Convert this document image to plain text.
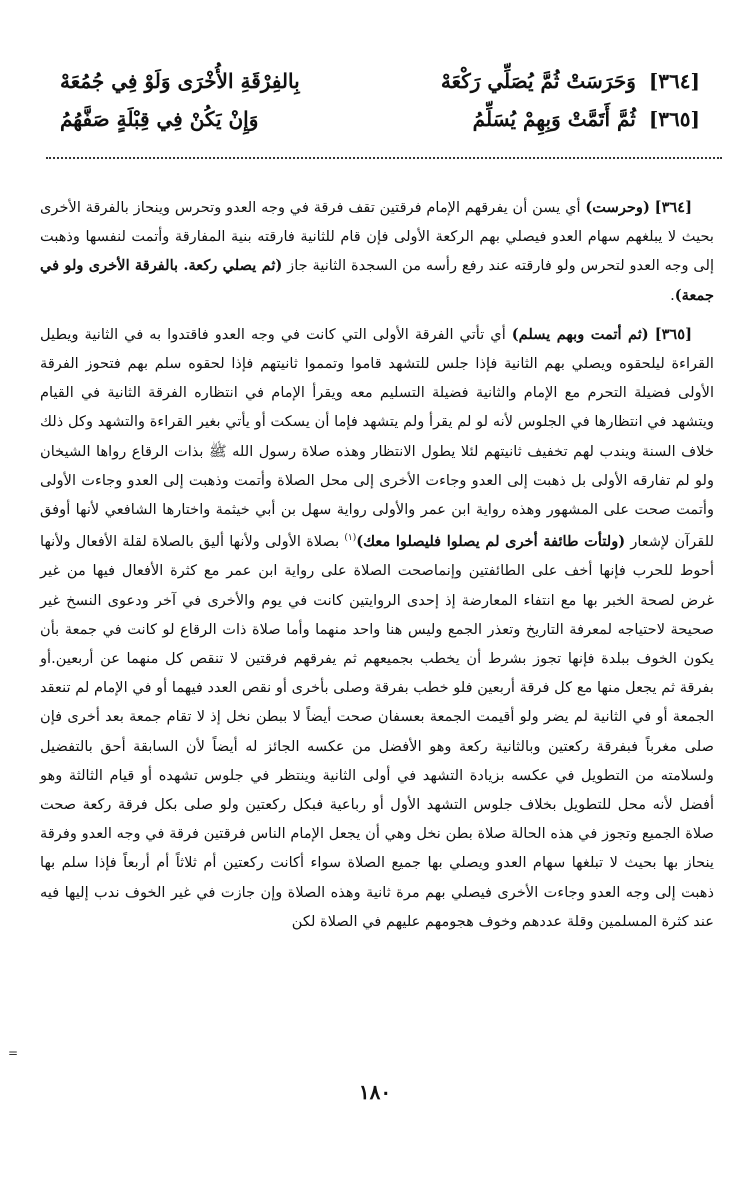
[٣٦٤] وَحَرَسَتْ ثُمَّ يُصَلِّي رَكْعَهْ
بِالفِرْقَةِ الأُخْرَى وَلَوْ فِي جُمُعَهْ
[٣٦٥] ثُمَّ أَتَمَّتْ وَبِهِمْ يُسَلِّمُ
وَإِنْ يَكُنْ فِي قِبْلَةٍ صَفَّهُمُ

[٣٦٤] (وحرست) أي يسن أن يفرقهم الإمام فرقتين تقف فرقة في وجه العدو وتحرس وينحاز بالفرقة الأخرى بحيث لا يبلغهم سهام العدو فيصلي بهم الركعة الأولى فإن قام للثانية فارقته بنية المفارقة وأتمت لنفسها وذهبت إلى وجه العدو لتحرس ولو فارقته عند رفع رأسه من السجدة الثانية جاز (ثم يصلي ركعة. بالفرقة الأخرى ولو في جمعة).

[٣٦٥] (ثم أتمت وبهم يسلم) أي تأتي الفرقة الأولى التي كانت في وجه العدو فاقتدوا به في الثانية ويطيل القراءة ليلحقوه ويصلي بهم الثانية فإذا جلس للتشهد قاموا وتمموا ثانيتهم فإذا لحقوه سلم بهم فتحوز الفرقة الأولى فضيلة التحرم مع الإمام والثانية فضيلة التسليم معه ويقرأ الإمام في انتظاره الفرقة الثانية في القيام ويتشهد في انتظارها في الجلوس لأنه لو لم يقرأ ولم يتشهد فإما أن يسكت أو يأتي بغير القراءة والتشهد وكل ذلك خلاف السنة ويندب لهم تخفيف ثانيتهم لئلا يطول الانتظار وهذه صلاة رسول الله ﷺ بذات الرقاع رواها الشيخان ولو لم تفارقه الأولى بل ذهبت إلى العدو وجاءت الأخرى إلى محل الصلاة وأتمت وذهبت إلى العدو وجاءت الأولى وأتمت صحت على المشهور وهذه رواية ابن عمر والأولى رواية سهل بن أبي خيثمة واختارها الشافعي لأنها أوفق للقرآن لإشعار (ولتأت طائفة أخرى لم يصلوا فليصلوا معك)$^{(١)}$ بصلاة الأولى ولأنها أليق بالصلاة لقلة الأفعال ولأنها أحوط للحرب فإنها أخف على الطائفتين وإنماصحت الصلاة على رواية ابن عمر مع كثرة الأفعال فيها من غير غرض لصحة الخبر بها مع انتفاء المعارضة إذ إحدى الروايتين كانت في يوم والأخرى في آخر ودعوى النسخ غير صحيحة لاحتياجه لمعرفة التاريخ وتعذر الجمع وليس هنا واحد منهما وأما صلاة ذات الرقاع لو كانت في جمعة بأن يكون الخوف ببلدة فإنها تجوز بشرط أن يخطب بجميعهم ثم يفرقهم فرقتين لا تنقص كل منهما عن أربعين.أو بفرقة ثم يجعل منها مع كل فرقة أربعين فلو خطب بفرقة وصلى بأخرى أو نقص العدد فيهما أو في الإمام لم تنعقد الجمعة أو في الثانية لم يضر ولو أقيمت الجمعة بعسفان صحت أيضاً لا ببطن نخل إذ لا تقام جمعة بعد أخرى فإن صلى مغرباً فبفرقة ركعتين وبالثانية ركعة وهو الأفضل من عكسه الجائز له أيضاً لأن السابقة أحق بالتفضيل ولسلامته من التطويل في عكسه بزيادة التشهد في أولى الثانية وينتظر في جلوس تشهده أو قيام الثالثة وهو أفضل لأنه محل للتطويل بخلاف جلوس التشهد الأول أو رباعية فبكل ركعتين ولو صلى بكل فرقة ركعة صحت صلاة الجميع وتجوز في هذه الحالة صلاة بطن نخل وهي أن يجعل الإمام الناس فرقتين فرقة في وجه العدو وفرقة ينحاز بها بحيث لا تبلغها سهام العدو ويصلي بها جميع الصلاة سواء أكانت ركعتين أم ثلاثاً أم أربعاً فإذا سلم بها ذهبت إلى وجه العدو وجاءت الأخرى فيصلي بهم مرة ثانية وهذه الصلاة وإن جازت في غير الخوف ندب إليها فيه عند كثرة المسلمين وقلة عددهم وخوف هجومهم عليهم في الصلاة لكن

=
١٨٠
